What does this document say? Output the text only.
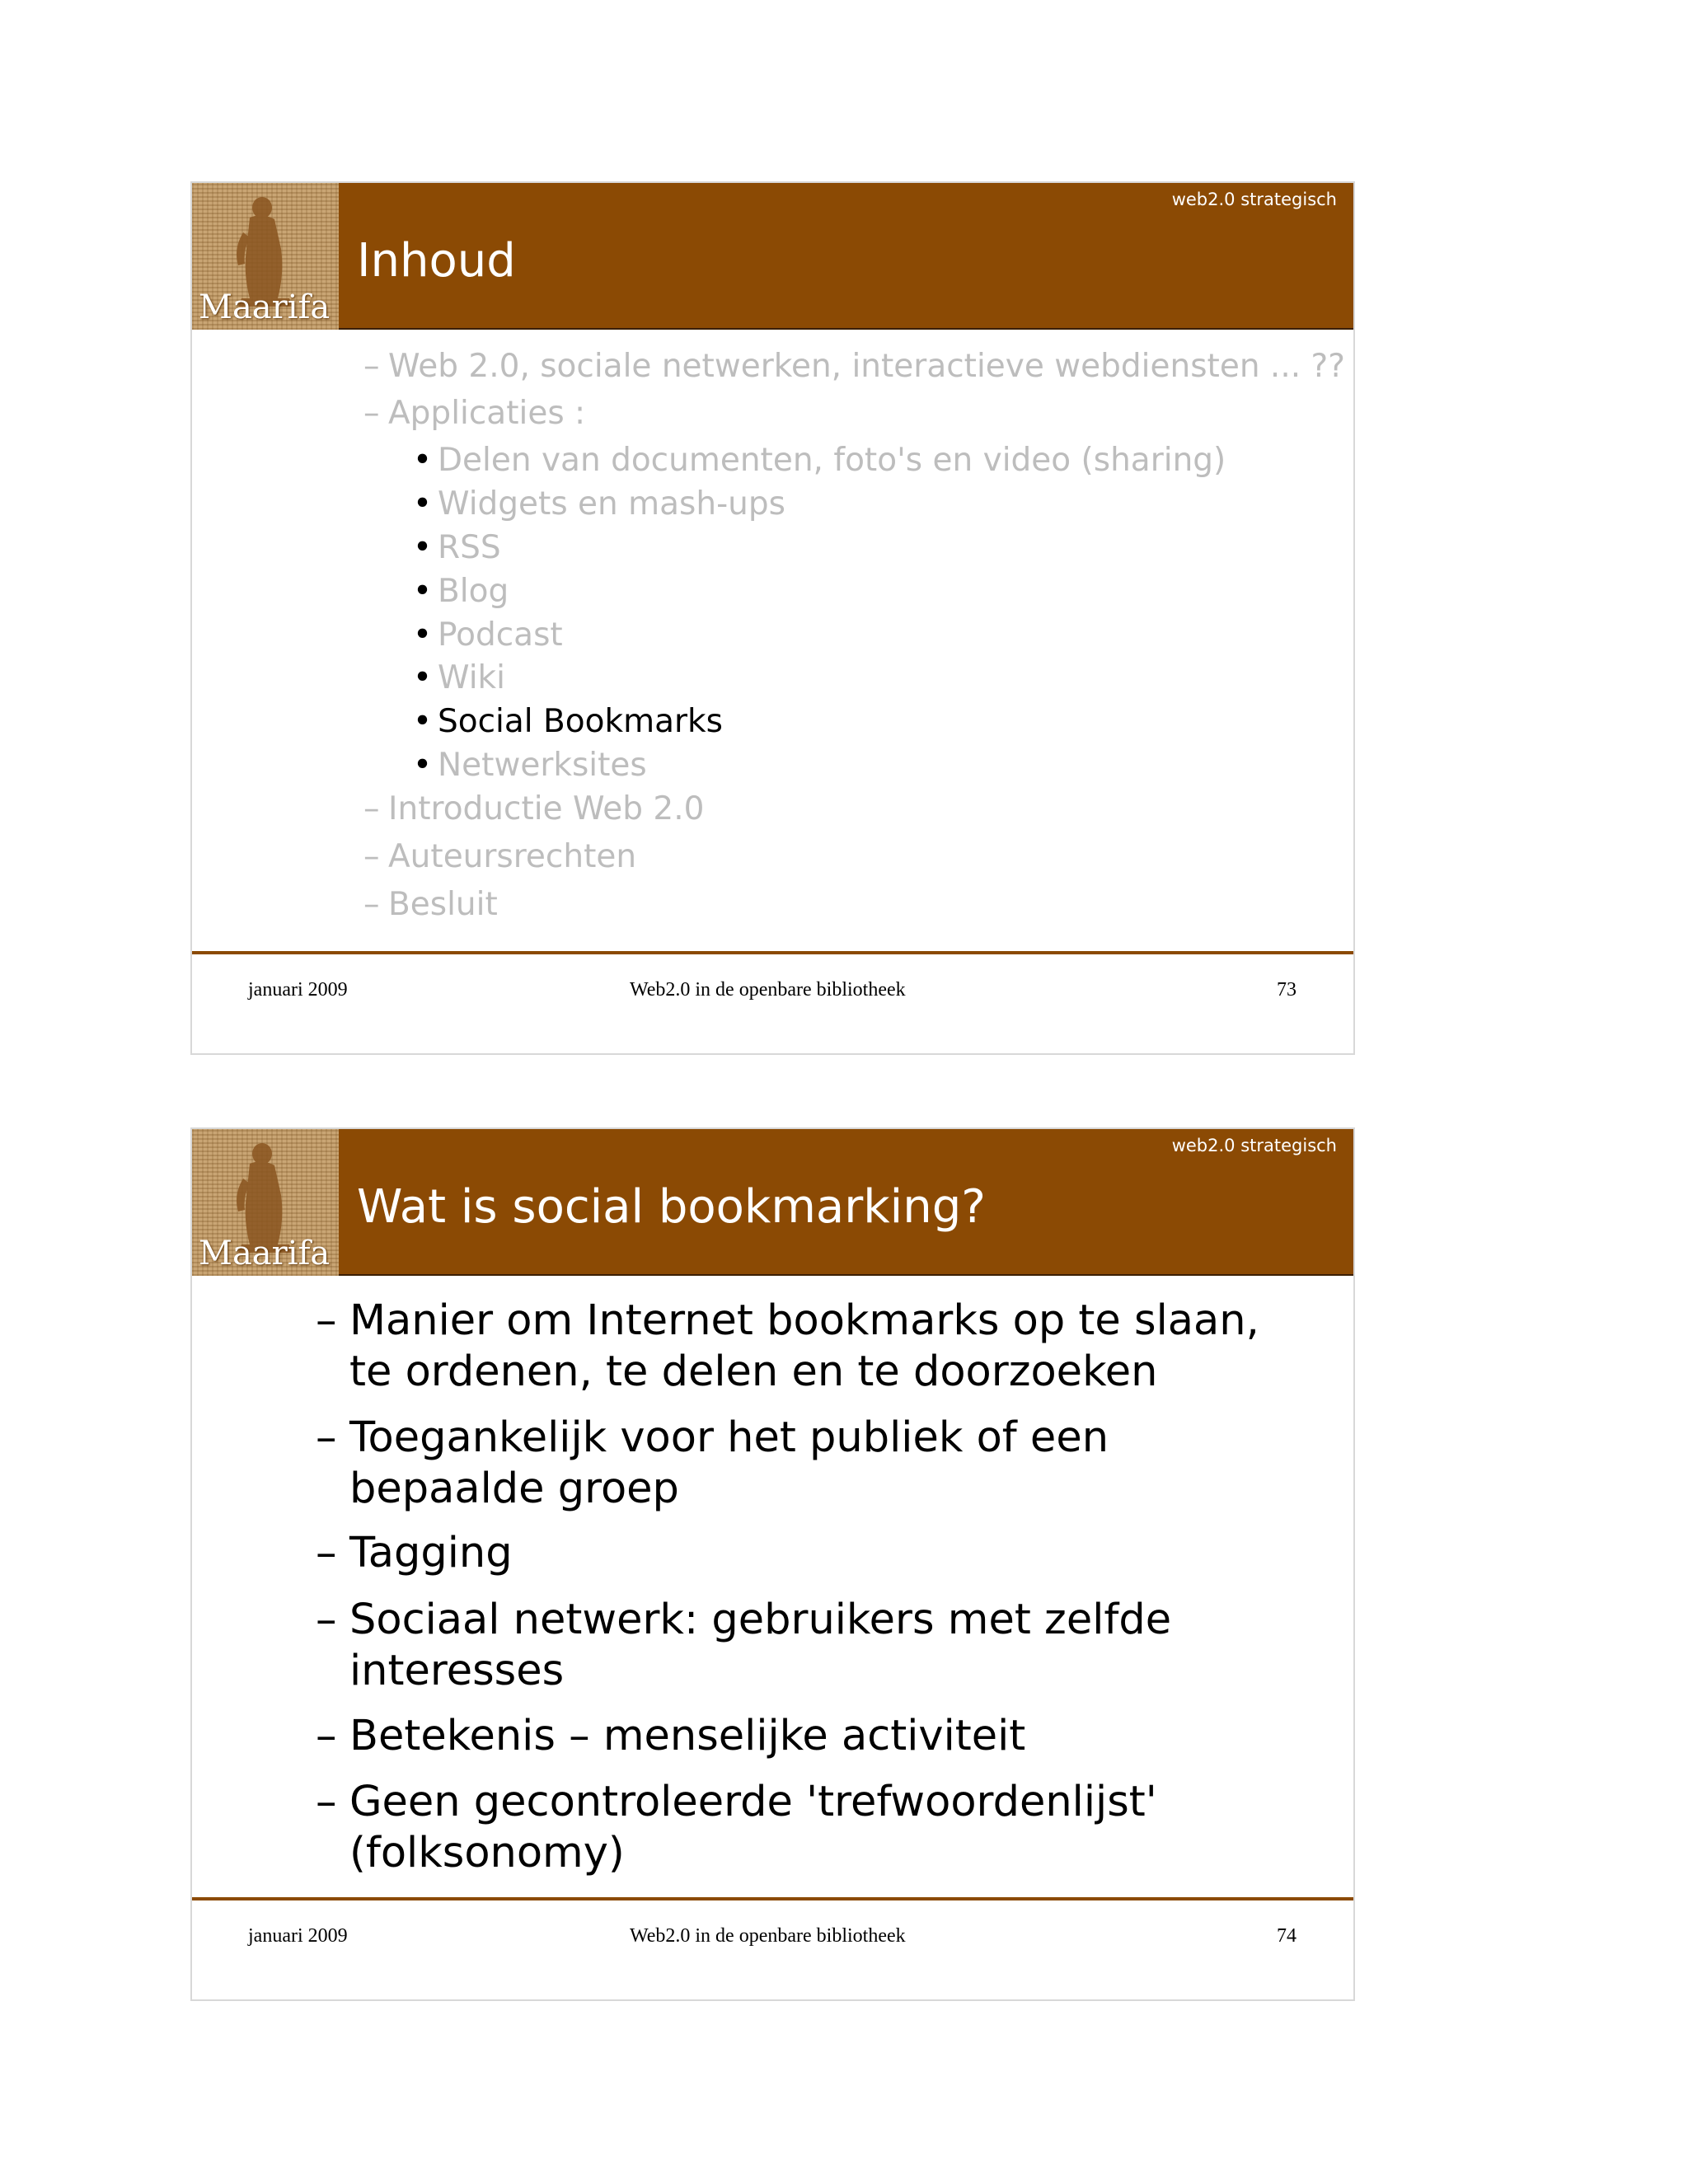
Maarifa
web2.0 strategisch
Inhoud
– Web 2.0, sociale netwerken, interactieve webdiensten ... ??
– Applicaties :
• Delen van documenten, foto's en video (sharing)
• Widgets en mash-ups
• RSS
• Blog
• Podcast
• Wiki
• Social Bookmarks
• Netwerksites
– Introductie Web 2.0
– Auteursrechten
– Besluit
januari 2009	Web2.0 in de openbare bibliotheek	73
Maarifa
web2.0 strategisch
Wat is social bookmarking?
– Manier om Internet bookmarks op te slaan, te ordenen, te delen en te doorzoeken
– Toegankelijk voor het publiek of een bepaalde groep
– Tagging
– Sociaal netwerk: gebruikers met zelfde interesses
– Betekenis – menselijke activiteit
– Geen gecontroleerde 'trefwoordenlijst' (folksonomy)
januari 2009	Web2.0 in de openbare bibliotheek	74
